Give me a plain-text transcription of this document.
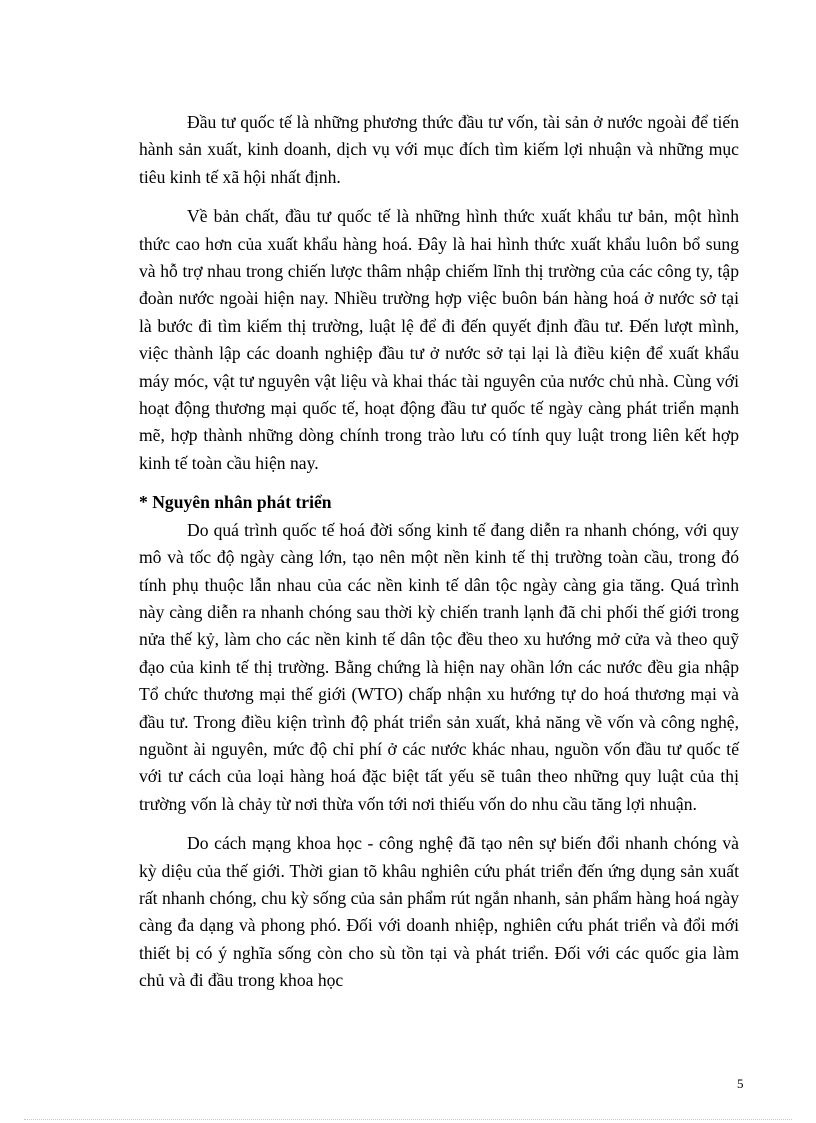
Đầu tư quốc tế là những phương thức đầu tư vốn, tài sản ở nước ngoài để tiến hành sản xuất, kinh doanh, dịch vụ với mục đích tìm kiếm lợi nhuận và những mục tiêu kinh tế xã hội nhất định.

Về bản chất, đầu tư quốc tế là những hình thức xuất khẩu tư bản, một hình thức cao hơn của xuất khẩu hàng hoá. Đây là hai hình thức xuất khẩu luôn bổ sung và hỗ trợ nhau trong chiến lược thâm nhập chiếm lĩnh thị trường của các công ty, tập đoàn nước ngoài hiện nay. Nhiều trường hợp việc buôn bán hàng hoá ở nước sở tại là bước đi tìm kiếm thị trường, luật lệ để đi đến quyết định đầu tư. Đến lượt mình, việc thành lập các doanh nghiệp đầu tư ở nước sở tại lại là điều kiện để xuất khẩu máy móc, vật tư nguyên vật liệu và khai thác tài nguyên của nước chủ nhà. Cùng với hoạt động thương mại quốc tế, hoạt động đầu tư quốc tế ngày càng phát triển mạnh mẽ, hợp thành những dòng chính trong trào lưu có tính quy luật trong liên kết hợp kinh tế toàn cầu hiện nay.

* Nguyên nhân phát triển

Do quá trình quốc tế hoá đời sống kinh tế đang diễn ra nhanh chóng, với quy mô và tốc độ ngày càng lớn, tạo nên một nền kinh tế thị trường toàn cầu, trong đó tính phụ thuộc lẫn nhau của các nền kinh tế dân tộc ngày càng gia tăng. Quá trình này càng diễn ra nhanh chóng sau thời kỳ chiến tranh lạnh đã chi phối thế giới trong nửa thế kỷ, làm cho các nền kinh tế dân tộc đều theo xu hướng mở cửa và theo quỹ đạo của kinh tế thị trường. Bằng chứng là hiện nay ohần lớn các nước đều gia nhập Tổ chức thương mại thế giới (WTO) chấp nhận xu hướng tự do hoá thương mại và đầu tư. Trong điều kiện trình độ phát triển sản xuất, khả năng về vốn và công nghệ, nguồnt ài nguyên, mức độ chỉ phí ở các nước khác nhau, nguồn vốn đầu tư quốc tế với tư cách của loại hàng hoá đặc biệt tất yếu sẽ tuân theo những quy luật của thị trường vốn là chảy từ nơi thừa vốn tới nơi thiếu vốn do nhu cầu tăng lợi nhuận.

Do cách mạng khoa học - công nghệ đã tạo nên sự biến đổi nhanh chóng và kỳ diệu của thế giới. Thời gian tõ khâu nghiên cứu phát triển đến ứng dụng sản xuất rất nhanh chóng, chu kỳ sống của sản phẩm rút ngắn nhanh, sản phẩm hàng hoá ngày càng đa dạng và phong phó. Đối với doanh nhiệp, nghiên cứu phát triển và đổi mới thiết bị có ý nghĩa sống còn cho sù tồn tại và phát triển. Đối với các quốc gia làm chủ và đi đầu trong khoa học

5
